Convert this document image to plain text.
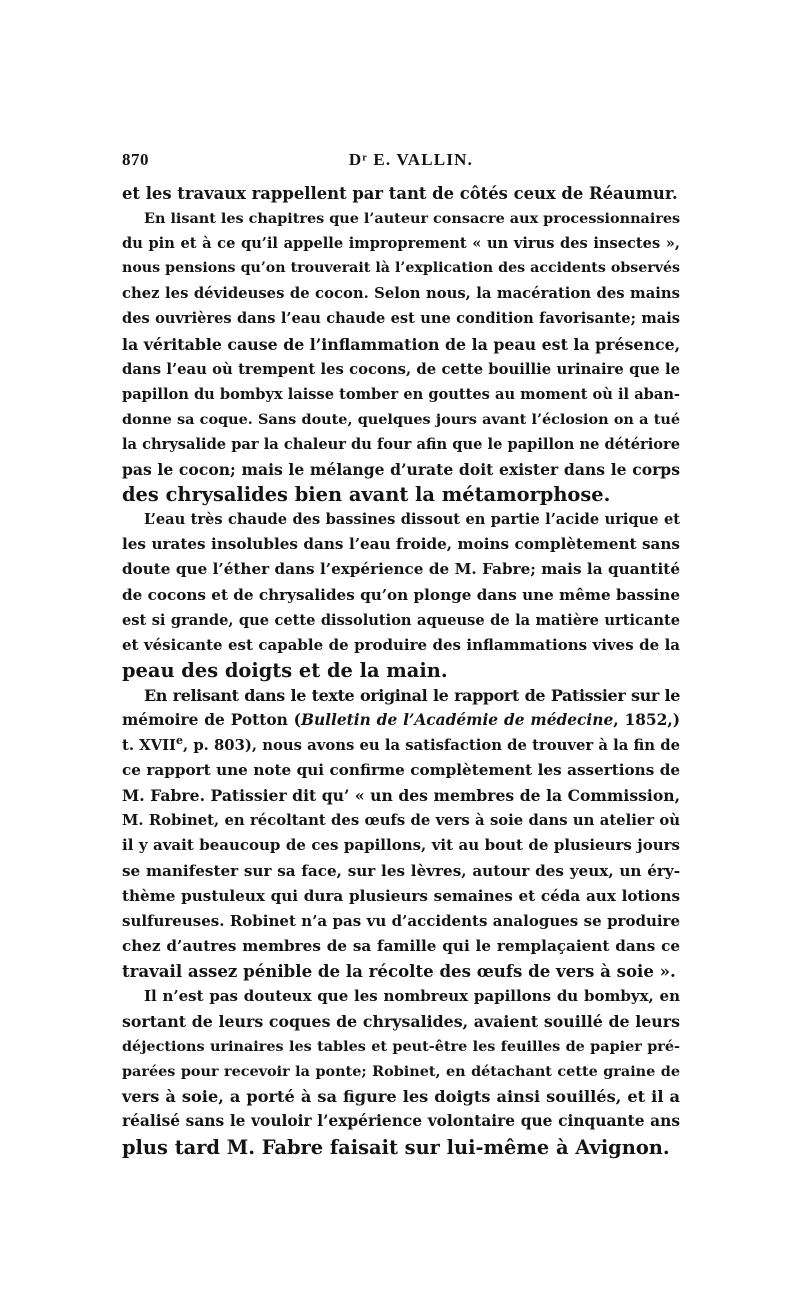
870	Dʳ E. VALLIN.
et les travaux rappellent par tant de côtés ceux de Réaumur.
En lisant les chapitres que l’auteur consacre aux processionnaires
du pin et à ce qu’il appelle improprement « un virus des insectes »,
nous pensions qu’on trouverait là l’explication des accidents observés
chez les dévideuses de cocon. Selon nous, la macération des mains
des ouvrières dans l’eau chaude est une condition favorisante; mais
la véritable cause de l’inflammation de la peau est la présence,
dans l’eau où trempent les cocons, de cette bouillie urinaire que le
papillon du bombyx laisse tomber en gouttes au moment où il aban-
donne sa coque. Sans doute, quelques jours avant l’éclosion on a tué
la chrysalide par la chaleur du four afin que le papillon ne détériore
pas le cocon; mais le mélange d’urate doit exister dans le corps
des chrysalides bien avant la métamorphose.
L’eau très chaude des bassines dissout en partie l’acide urique et
les urates insolubles dans l’eau froide, moins complètement sans
doute que l’éther dans l’expérience de M. Fabre; mais la quantité
de cocons et de chrysalides qu’on plonge dans une même bassine
est si grande, que cette dissolution aqueuse de la matière urticante
et vésicante est capable de produire des inflammations vives de la
peau des doigts et de la main.
En relisant dans le texte original le rapport de Patissier sur le
mémoire de Potton (Bulletin de l’Académie de médecine, 1852,)
t. XVIIe, p. 803), nous avons eu la satisfaction de trouver à la fin de
ce rapport une note qui confirme complètement les assertions de
M. Fabre. Patissier dit qu’ « un des membres de la Commission,
M. Robinet, en récoltant des œufs de vers à soie dans un atelier où
il y avait beaucoup de ces papillons, vit au bout de plusieurs jours
se manifester sur sa face, sur les lèvres, autour des yeux, un éry-
thème pustuleux qui dura plusieurs semaines et céda aux lotions
sulfureuses. Robinet n’a pas vu d’accidents analogues se produire
chez d’autres membres de sa famille qui le remplaçaient dans ce
travail assez pénible de la récolte des œufs de vers à soie ».
Il n’est pas douteux que les nombreux papillons du bombyx, en
sortant de leurs coques de chrysalides, avaient souillé de leurs
déjections urinaires les tables et peut-être les feuilles de papier pré-
parées pour recevoir la ponte; Robinet, en détachant cette graine de
vers à soie, a porté à sa figure les doigts ainsi souillés, et il a
réalisé sans le vouloir l’expérience volontaire que cinquante ans
plus tard M. Fabre faisait sur lui-même à Avignon.
